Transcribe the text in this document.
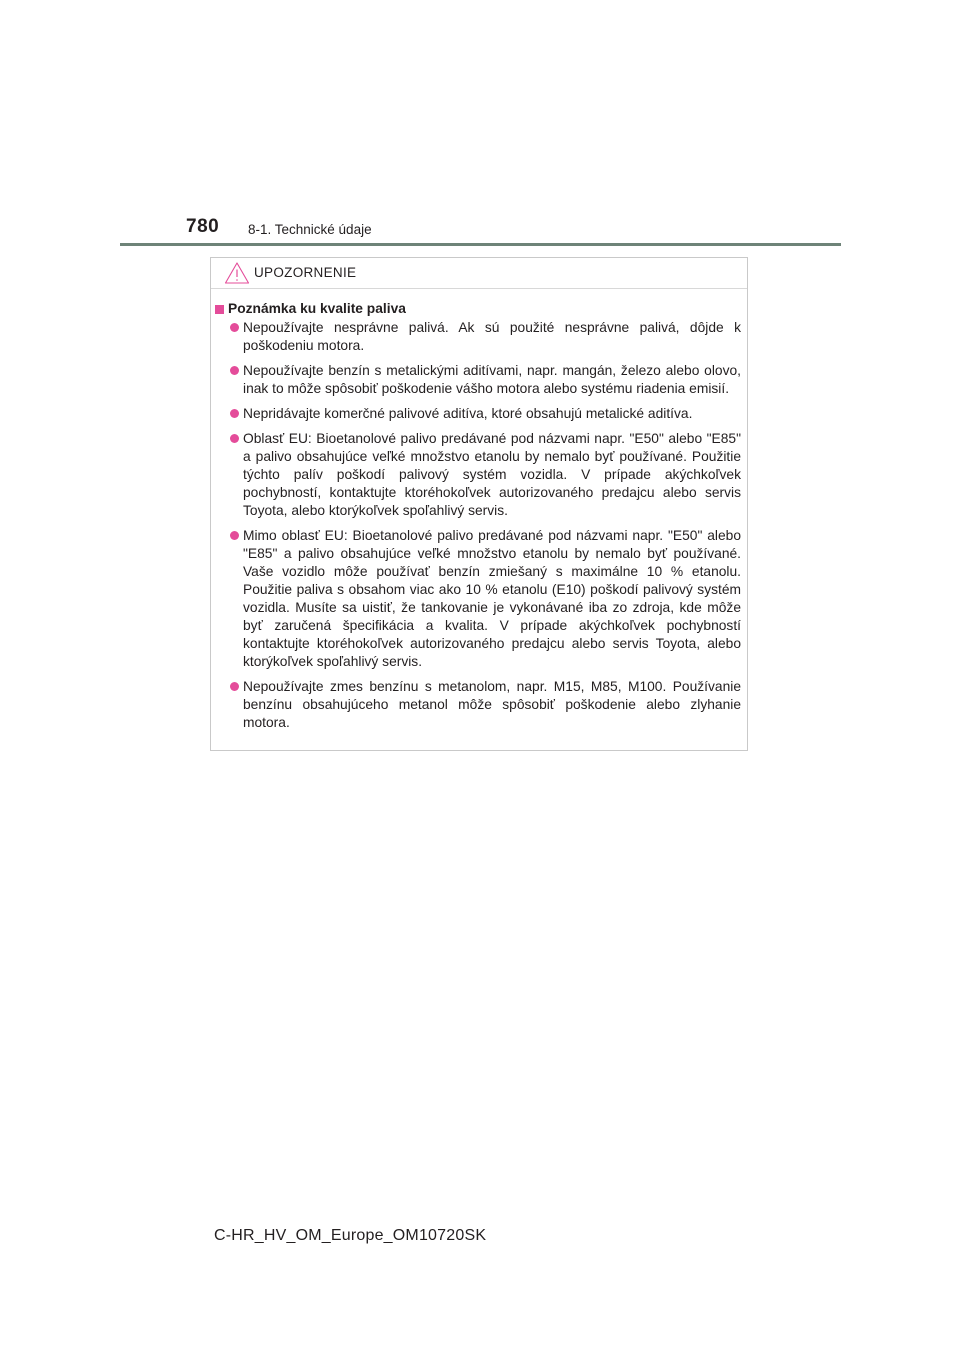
780 8-1. Technické údaje
UPOZORNENIE
Poznámka ku kvalite paliva
Nepoužívajte nesprávne palivá. Ak sú použité nesprávne palivá, dôjde k poškodeniu motora.
Nepoužívajte benzín s metalickými aditívami, napr. mangán, železo alebo olovo, inak to môže spôsobiť poškodenie vášho motora alebo systému riadenia emisií.
Nepridávajte komerčné palivové aditíva, ktoré obsahujú metalické aditíva.
Oblasť EU: Bioetanolové palivo predávané pod názvami napr. "E50" alebo "E85" a palivo obsahujúce veľké množstvo etanolu by nemalo byť používané. Použitie týchto palív poškodí palivový systém vozidla. V prípade akýchkoľvek pochybností, kontaktujte ktoréhokoľvek autorizovaného predajcu alebo servis Toyota, alebo ktorýkoľvek spoľahlivý servis.
Mimo oblasť EU: Bioetanolové palivo predávané pod názvami napr. "E50" alebo "E85" a palivo obsahujúce veľké množstvo etanolu by nemalo byť používané. Vaše vozidlo môže používať benzín zmiešaný s maximálne 10 % etanolu. Použitie paliva s obsahom viac ako 10 % etanolu (E10) poškodí palivový systém vozidla. Musíte sa uistiť, že tankovanie je vykonávané iba zo zdroja, kde môže byť zaručená špecifikácia a kvalita. V prípade akýchkoľvek pochybností kontaktujte ktoréhokoľvek autorizovaného predajcu alebo servis Toyota, alebo ktorýkoľvek spoľahlivý servis.
Nepoužívajte zmes benzínu s metanolom, napr. M15, M85, M100. Používanie benzínu obsahujúceho metanol môže spôsobiť poškodenie alebo zlyhanie motora.
C-HR_HV_OM_Europe_OM10720SK
